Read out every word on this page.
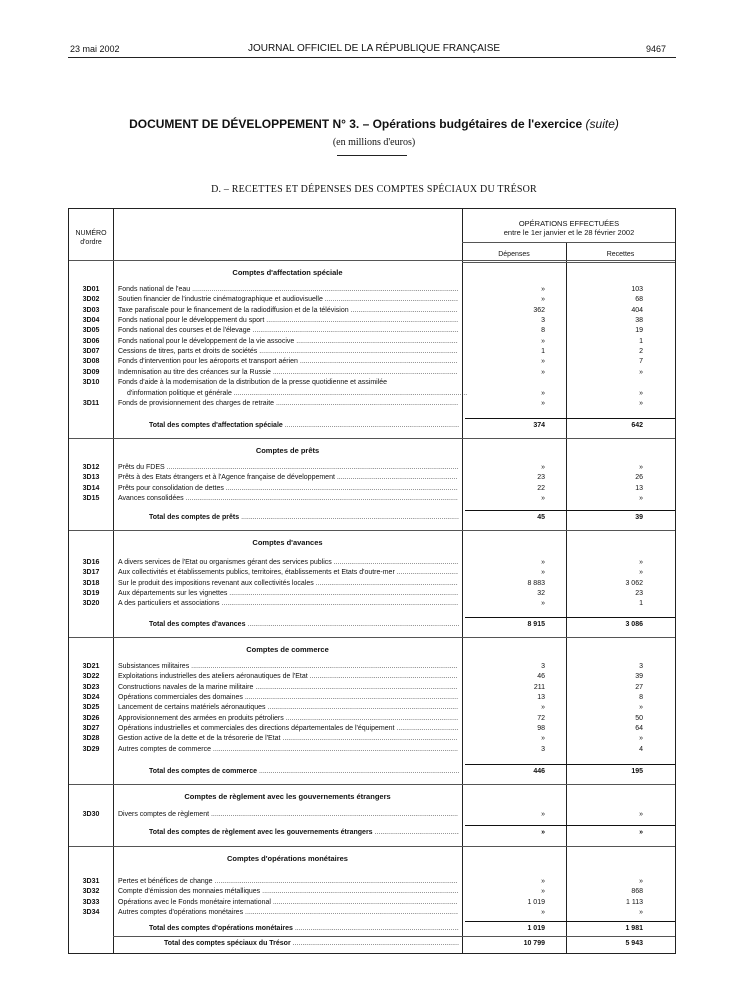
23 mai 2002	JOURNAL OFFICIEL DE LA RÉPUBLIQUE FRANÇAISE	9467
DOCUMENT DE DÉVELOPPEMENT N° 3. – Opérations budgétaires de l'exercice (suite)
(en millions d'euros)
D. – RECETTES ET DÉPENSES DES COMPTES SPÉCIAUX DU TRÉSOR
NUMÉRO
d'ordre
OPÉRATIONS EFFECTUÉES
entre le 1er janvier et le 28 février 2002
Dépenses	Recettes
Comptes d'affectation spéciale
3D01	Fonds national de l'eau .....	»	103
3D02	Soutien financier de l'industrie cinématographique et audiovisuelle .....	»	68
3D03	Taxe parafiscale pour le financement de la radiodiffusion et de la télévision .....	362	404
3D04	Fonds national pour le développement du sport .....	3	38
3D05	Fonds national des courses et de l'élevage .....	8	19
3D06	Fonds national pour le développement de la vie associve .....	»	1
3D07	Cessions de titres, parts et droits de sociétés .....	1	2
3D08	Fonds d'intervention pour les aéroports et transport aérien .....	»	7
3D09	Indemnisation au titre des créances sur la Russie .....	»	»
3D10	Fonds d'aide à la modernisation de la distribution de la presse quotidienne et assimilée
d'information politique et générale .....	»	»
3D11	Fonds de provisionnement des charges de retraite .....	»	»
Total des comptes d'affectation spéciale .....	374	642
Comptes de prêts
3D12	Prêts du FDES .....	»	»
3D13	Prêts à des Etats étrangers et à l'Agence française de développement .....	23	26
3D14	Prêts pour consolidation de dettes .....	22	13
3D15	Avances consolidées .....	»	»
Total des comptes de prêts .....	45	39
Comptes d'avances
3D16	A divers services de l'Etat ou organismes gérant des services publics .....	»	»
3D17	Aux collectivités et établissements publics, territoires, établissements et Etats d'outre-mer .....	»	»
3D18	Sur le produit des impositions revenant aux collectivités locales .....	8 883	3 062
3D19	Aux départements sur les vignettes .....	32	23
3D20	A des particuliers et associations .....	»	1
Total des comptes d'avances .....	8 915	3 086
Comptes de commerce
3D21	Subsistances militaires .....	3	3
3D22	Exploitations industrielles des ateliers aéronautiques de l'Etat .....	46	39
3D23	Constructions navales de la marine militaire .....	211	27
3D24	Opérations commerciales des domaines .....	13	8
3D25	Lancement de certains matériels aéronautiques .....	»	»
3D26	Approvisionnement des armées en produits pétroliers .....	72	50
3D27	Opérations industrielles et commerciales des directions départementales de l'équipement .....	98	64
3D28	Gestion active de la dette et de la trésorerie de l'Etat .....	»	»
3D29	Autres comptes de commerce .....	3	4
Total des comptes de commerce .....	446	195
Comptes de règlement avec les gouvernements étrangers
3D30	Divers comptes de règlement .....	»	»
Total des comptes de règlement avec les gouvernements étrangers .....	»	»
Comptes d'opérations monétaires
3D31	Pertes et bénéfices de change .....	»	»
3D32	Compte d'émission des monnaies métalliques .....	»	868
3D33	Opérations avec le Fonds monétaire international .....	1 019	1 113
3D34	Autres comptes d'opérations monétaires .....	»	»
Total des comptes d'opérations monétaires .....	1 019	1 981
Total des comptes spéciaux du Trésor .....	10 799	5 943
